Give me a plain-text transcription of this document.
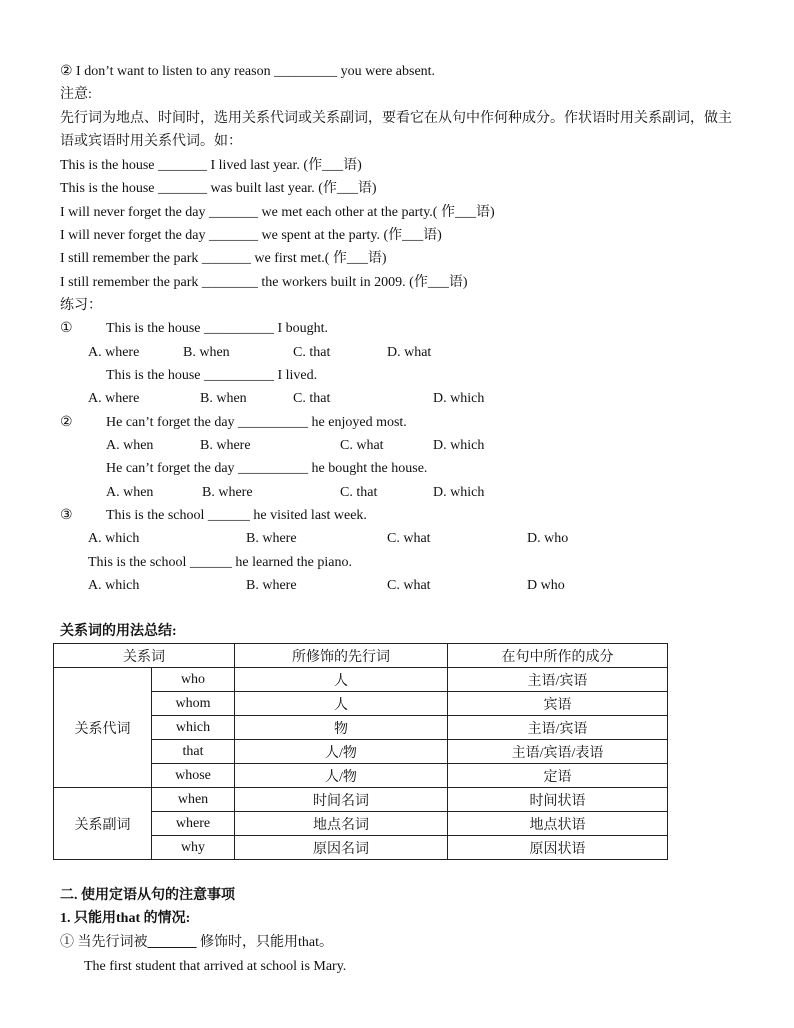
② I don’t want to listen to any reason _________ you were absent.
注意:
先行词为地点、时间时，选用关系代词或关系副词，要看它在从句中作何种成分。作状语时用关系副词，做主语或宾语时用关系代词。如：
This is the house _______ I lived last year. (作___语)
This is the house _______ was built last year. (作___语)
I will never forget the day _______ we met each other at the party.( 作___语)
I will never forget the day _______ we spent at the party. (作___语)
I still remember the park _______ we first met.( 作___语)
I still remember the park ________ the workers built in 2009. (作___语)
练习：
① This is the house __________ I bought.
A. where	B. when	C. that	D. what
This is the house __________ I lived.
A. where	B. when	C. that	D. which
② He can’t forget the day __________ he enjoyed most.
A. when	B. where	C. what	D. which
He can’t forget the day __________ he bought the house.
A. when	B. where	C. that	D. which
③ This is the school ______ he visited last week.
A. which	B. where	C. what	D. who
This is the school ______ he learned the piano.
A. which	B. where	C. what	D who
关系词的用法总结:
关系词		所修饰的先行词	在句中所作的成分
关系代词	who	人	主语/宾语
	whom	人	宾语
	which	物	主语/宾语
	that	人/物	主语/宾语/表语
	whose	人/物	定语
关系副词	when	时间名词	时间状语
	where	地点名词	地点状语
	why	原因名词	原因状语
二. 使用定语从句的注意事项
1. 只能用that 的情况:
① 当先行词被_______ 修饰时，只能用that。
The first student that arrived at school is Mary.
